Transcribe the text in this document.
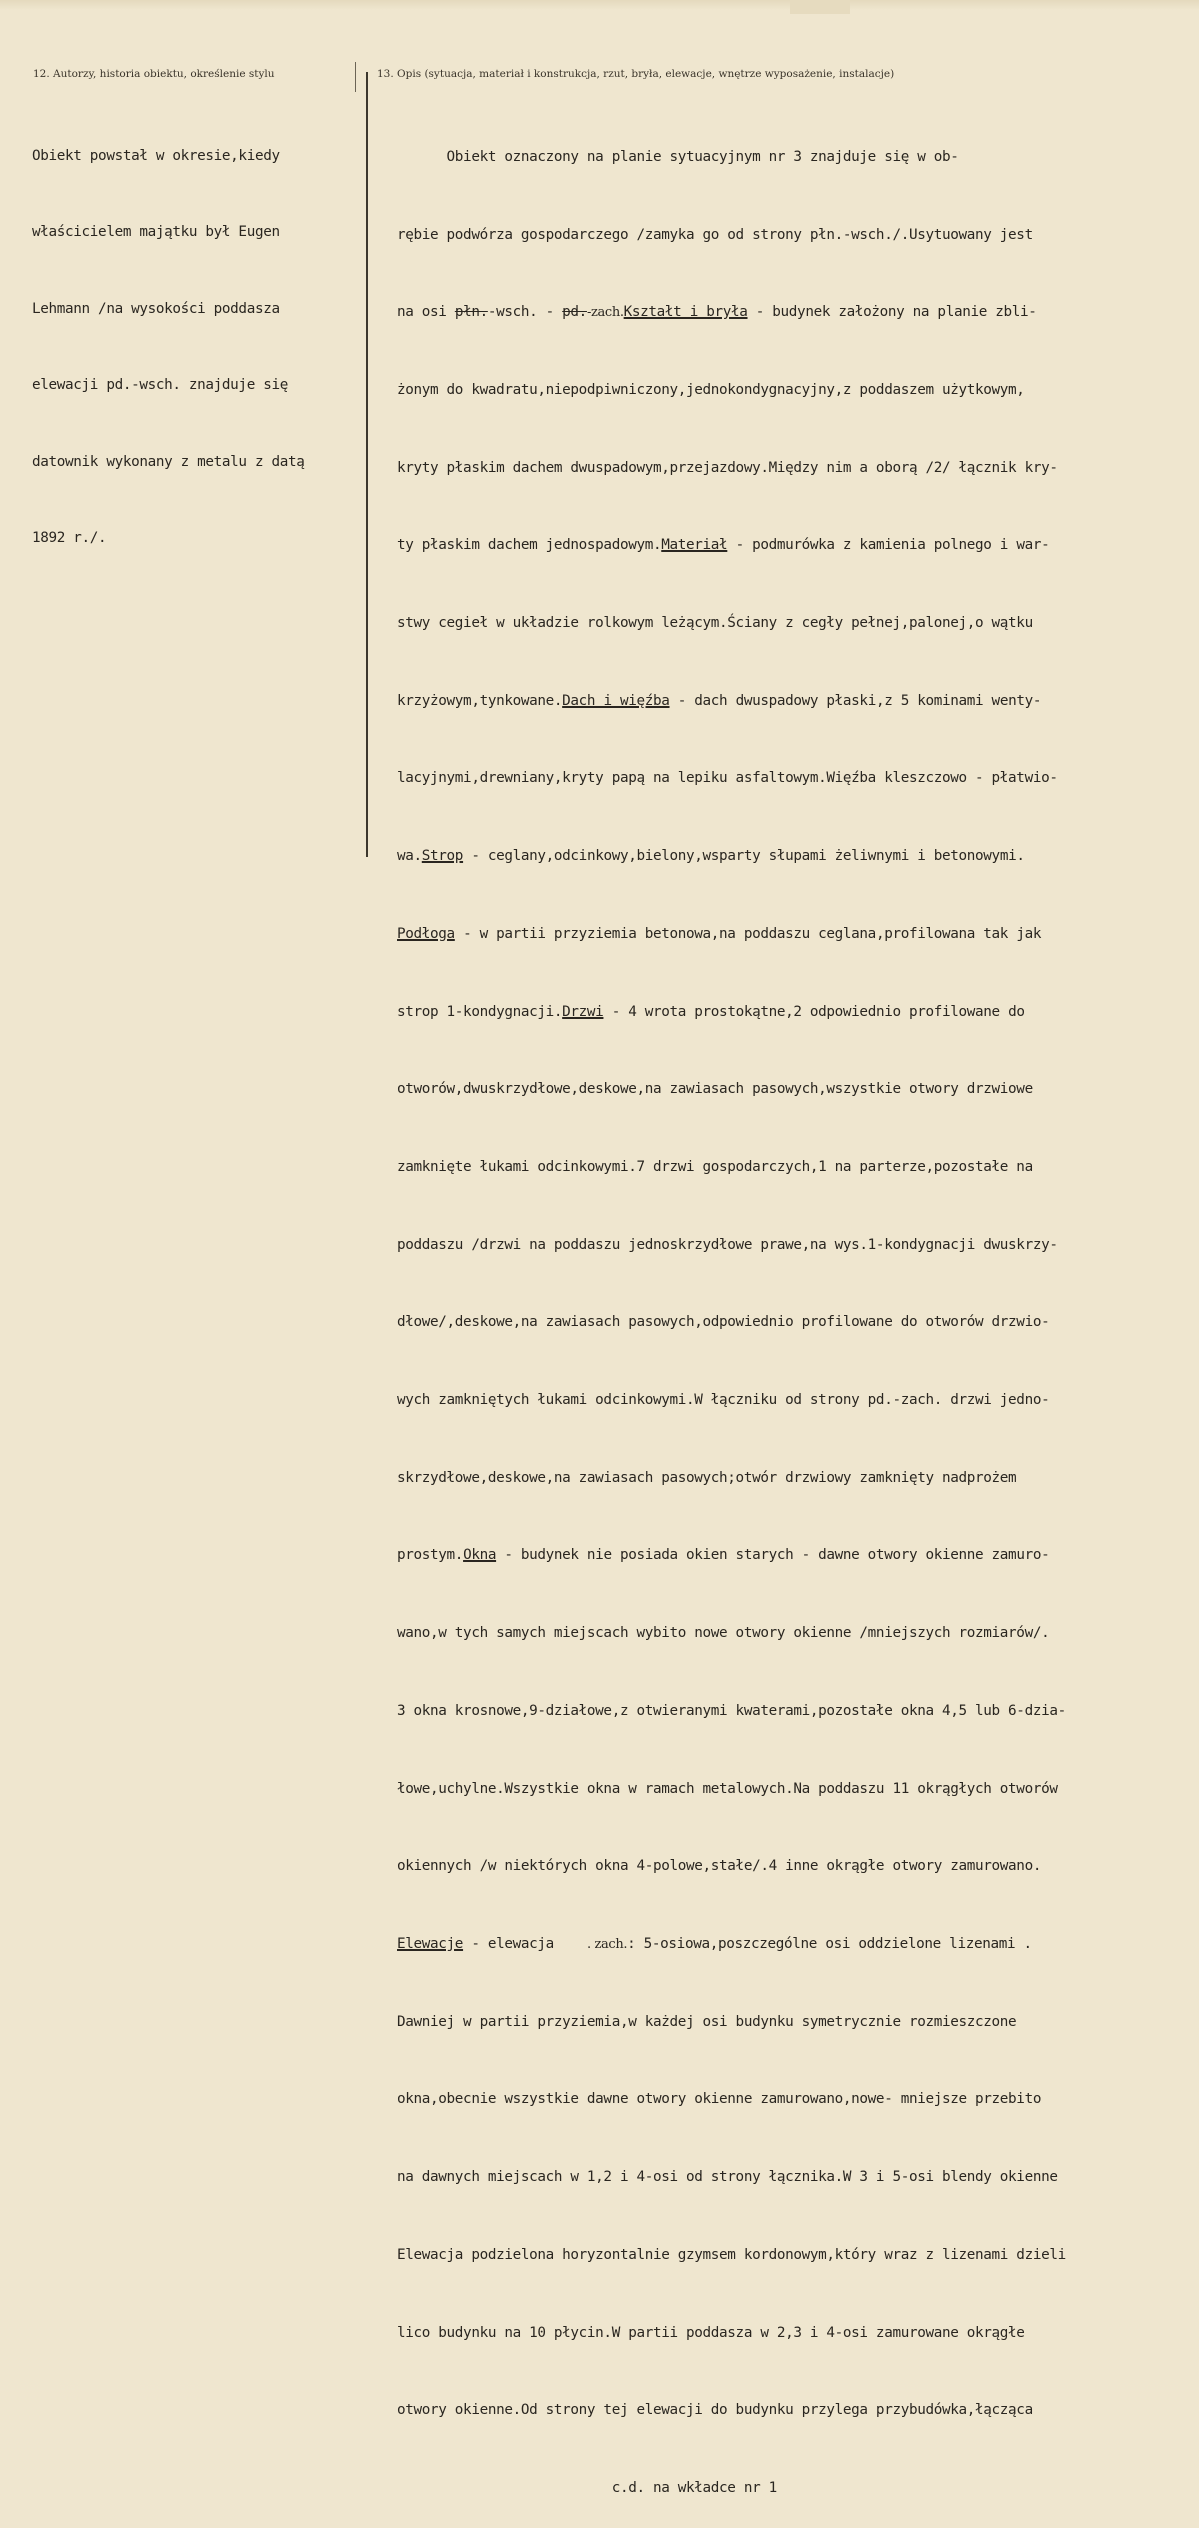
12. Autorzy, historia obiektu, określenie stylu	13. Opis (sytuacja, materiał i konstrukcja, rzut, bryła, elewacje, wnętrze wyposażenie, instalacje)

Obiekt powstał w okresie,kiedy

właścicielem majątku był Eugen

Lehmann /na wysokości poddasza

elewacji pd.-wsch. znajduje się

datownik wykonany z metalu z datą

1892 r./.

Obiekt oznaczony na planie sytuacyjnym nr 3 znajduje się w ob-

rębie podwórza gospodarczego /zamyka go od strony płn.-wsch./.Usytuowany jest

na osi płn.-wsch. - pd.-zach.Kształt i bryła - budynek założony na planie zbli-

żonym do kwadratu,niepodpiwniczony,jednokondygnacyjny,z poddaszem użytkowym,

kryty płaskim dachem dwuspadowym,przejazdowy.Między nim a oborą /2/ łącznik kry-

ty płaskim dachem jednospadowym.Materiał - podmurówka z kamienia polnego i war-

stwy cegieł w układzie rolkowym leżącym.Ściany z cegły pełnej,palonej,o wątku

krzyżowym,tynkowane.Dach i więźba - dach dwuspadowy płaski,z 5 kominami wenty-

lacyjnymi,drewniany,kryty papą na lepiku asfaltowym.Więźba kleszczowo - płatwio-

wa.Strop - ceglany,odcinkowy,bielony,wsparty słupami żeliwnymi i betonowymi.

Podłoga - w partii przyziemia betonowa,na poddaszu ceglana,profilowana tak jak

strop 1-kondygnacji.Drzwi - 4 wrota prostokątne,2 odpowiednio profilowane do

otworów,dwuskrzydłowe,deskowe,na zawiasach pasowych,wszystkie otwory drzwiowe

zamknięte łukami odcinkowymi.7 drzwi gospodarczych,1 na parterze,pozostałe na

poddaszu /drzwi na poddaszu jednoskrzydłowe prawe,na wys.1-kondygnacji dwuskrzy-

dłowe/,deskowe,na zawiasach pasowych,odpowiednio profilowane do otworów drzwio-

wych zamkniętych łukami odcinkowymi.W łączniku od strony pd.-zach. drzwi jedno-

skrzydłowe,deskowe,na zawiasach pasowych;otwór drzwiowy zamknięty nadprożem

prostym.Okna - budynek nie posiada okien starych - dawne otwory okienne zamuro-

wano,w tych samych miejscach wybito nowe otwory okienne /mniejszych rozmiarów/.

3 okna krosnowe,9-działowe,z otwieranymi kwaterami,pozostałe okna 4,5 lub 6-dzia-

łowe,uchylne.Wszystkie okna w ramach metalowych.Na poddaszu 11 okrągłych otworów

okiennych /w niektórych okna 4-polowe,stałe/.4 inne okrągłe otwory zamurowano.

Elewacje - elewacja    . zach.: 5-osiowa,poszczególne osi oddzielone lizenami .

Dawniej w partii przyziemia,w każdej osi budynku symetrycznie rozmieszczone

okna,obecnie wszystkie dawne otwory okienne zamurowano,nowe- mniejsze przebito

na dawnych miejscach w 1,2 i 4-osi od strony łącznika.W 3 i 5-osi blendy okienne

Elewacja podzielona horyzontalnie gzymsem kordonowym,który wraz z lizenami dzieli

lico budynku na 10 płycin.W partii poddasza w 2,3 i 4-osi zamurowane okrągłe

otwory okienne.Od strony tej elewacji do budynku przylega przybudówka,łącząca

c.d. na wkładce nr 1
